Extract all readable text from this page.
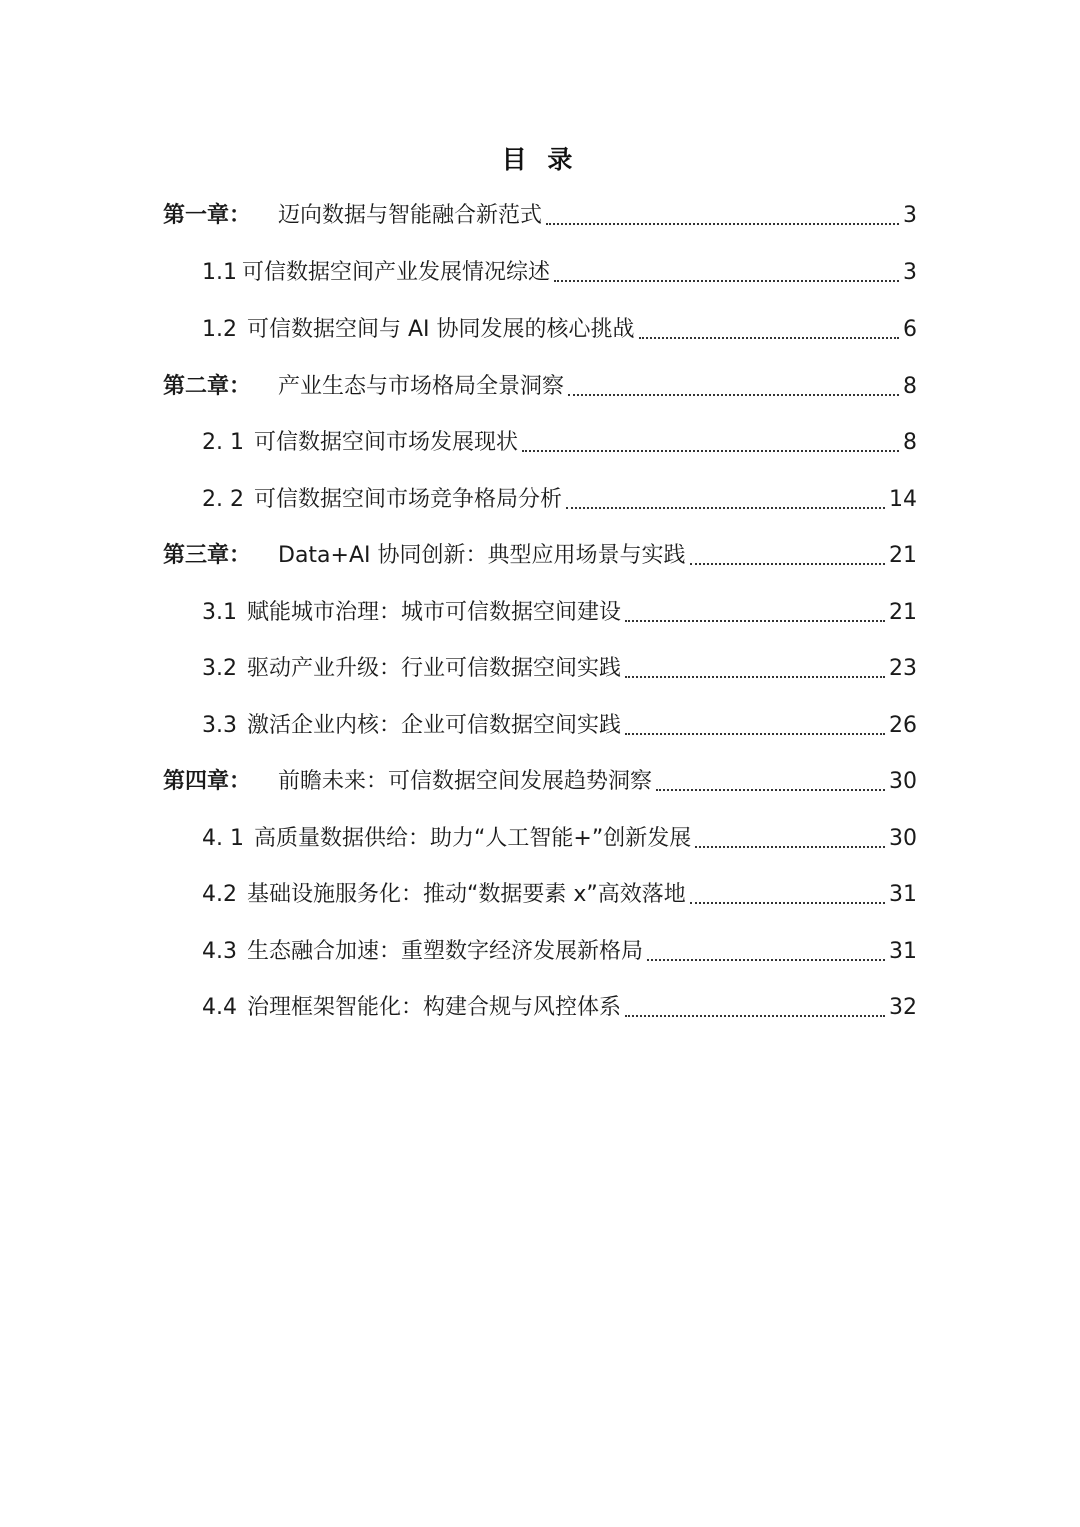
目 录
第一章：	迈向数据与智能融合新范式	3
1.1 可信数据空间产业发展情况综述	3
1.2 可信数据空间与 AI 协同发展的核心挑战	6
第二章：	产业生态与市场格局全景洞察	8
2. 1 可信数据空间市场发展现状	8
2. 2 可信数据空间市场竞争格局分析	14
第三章：	Data+AI 协同创新：典型应用场景与实践	21
3.1 赋能城市治理：城市可信数据空间建设	21
3.2 驱动产业升级：行业可信数据空间实践	23
3.3 激活企业内核：企业可信数据空间实践	26
第四章：	前瞻未来：可信数据空间发展趋势洞察	30
4. 1 高质量数据供给：助力“人工智能+”创新发展	30
4.2 基础设施服务化：推动“数据要素 x”高效落地	31
4.3 生态融合加速：重塑数字经济发展新格局	31
4.4 治理框架智能化：构建合规与风控体系	32
